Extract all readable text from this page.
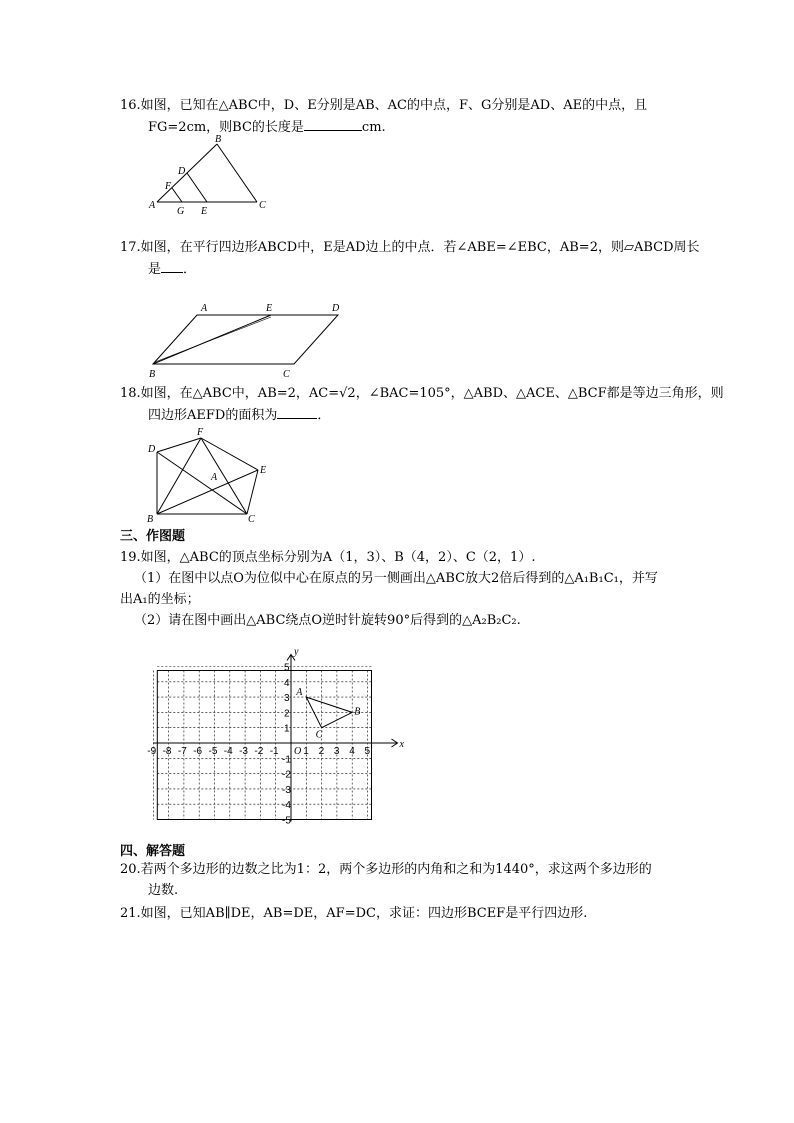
16.如图，已知在△ABC中，D、E分别是AB、AC的中点，F、G分别是AD、AE的中点，且
FG=2cm，则BC的长度是	cm.
A
B
C
D
F
G E
17.如图，在平行四边形ABCD中，E是AD边上的中点．若∠ABE=∠EBC，AB=2，则▱ABCD周长
是 ．
A	E	D
B	C
18.如图，在△ABC中，AB=2，AC=√2，∠BAC=105°，△ABD、△ACE、△BCF都是等边三角形，则
四边形AEFD的面积为	．
D
F
A
E
B	C
三、作图题
19.如图，△ABC的顶点坐标分别为A（1，3）、B（4，2）、C（2，1）.
（1）在图中以点O为位似中心在原点的另一侧画出△ABC放大2倍后得到的△A₁B₁C₁，并写
出A₁的坐标；
（2）请在图中画出△ABC绕点O逆时针旋转90°后得到的△A₂B₂C₂.
-9 -8 -7 -6 -5 -4 -3 -2 -1 1 2 3 4 5
5
4
3
2
1
-1
-2
-3
-4
-5
x
y
O
A
B
C
四、解答题
20.若两个多边形的边数之比为1：2，两个多边形的内角和之和为1440°，求这两个多边形的
边数.
21.如图，已知AB∥DE，AB=DE，AF=DC，求证：四边形BCEF是平行四边形.
